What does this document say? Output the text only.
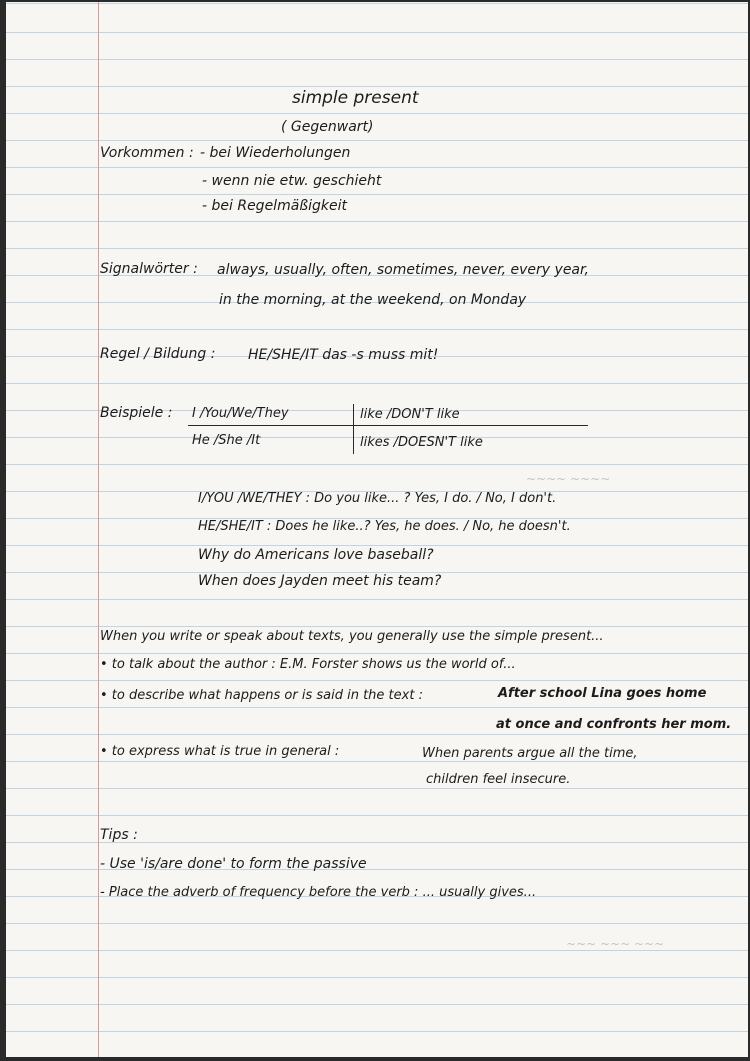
~~~~ ~~~~
~~~ ~~~ ~~~
simple present
( Gegenwart)
Vorkommen : - bei Wiederholungen
- wenn nie etw. geschieht
- bei Regelmäßigkeit
Signalwörter : always, usually, often, sometimes, never, every year,
in the morning, at the weekend, on Monday
Regel / Bildung : HE/SHE/IT das -s muss mit!
Beispiele : I /You/We/They	like /DON'T like
He /She /It	likes /DOESN'T like
I/YOU /WE/THEY : Do you like... ? Yes, I do. / No, I don't.
HE/SHE/IT : Does he like..? Yes, he does. / No, he doesn't.
Why do Americans love baseball?
When does Jayden meet his team?
When you write or speak about texts, you generally use the simple present...
• to talk about the author : E.M. Forster shows us the world of...
• to describe what happens or is said in the text :	After school Lina goes home
at once and confronts her mom.
• to express what is true in general :	When parents argue all the time,
children feel insecure.
Tips :
- Use 'is/are done' to form the passive
- Place the adverb of frequency before the verb : ... usually gives...
